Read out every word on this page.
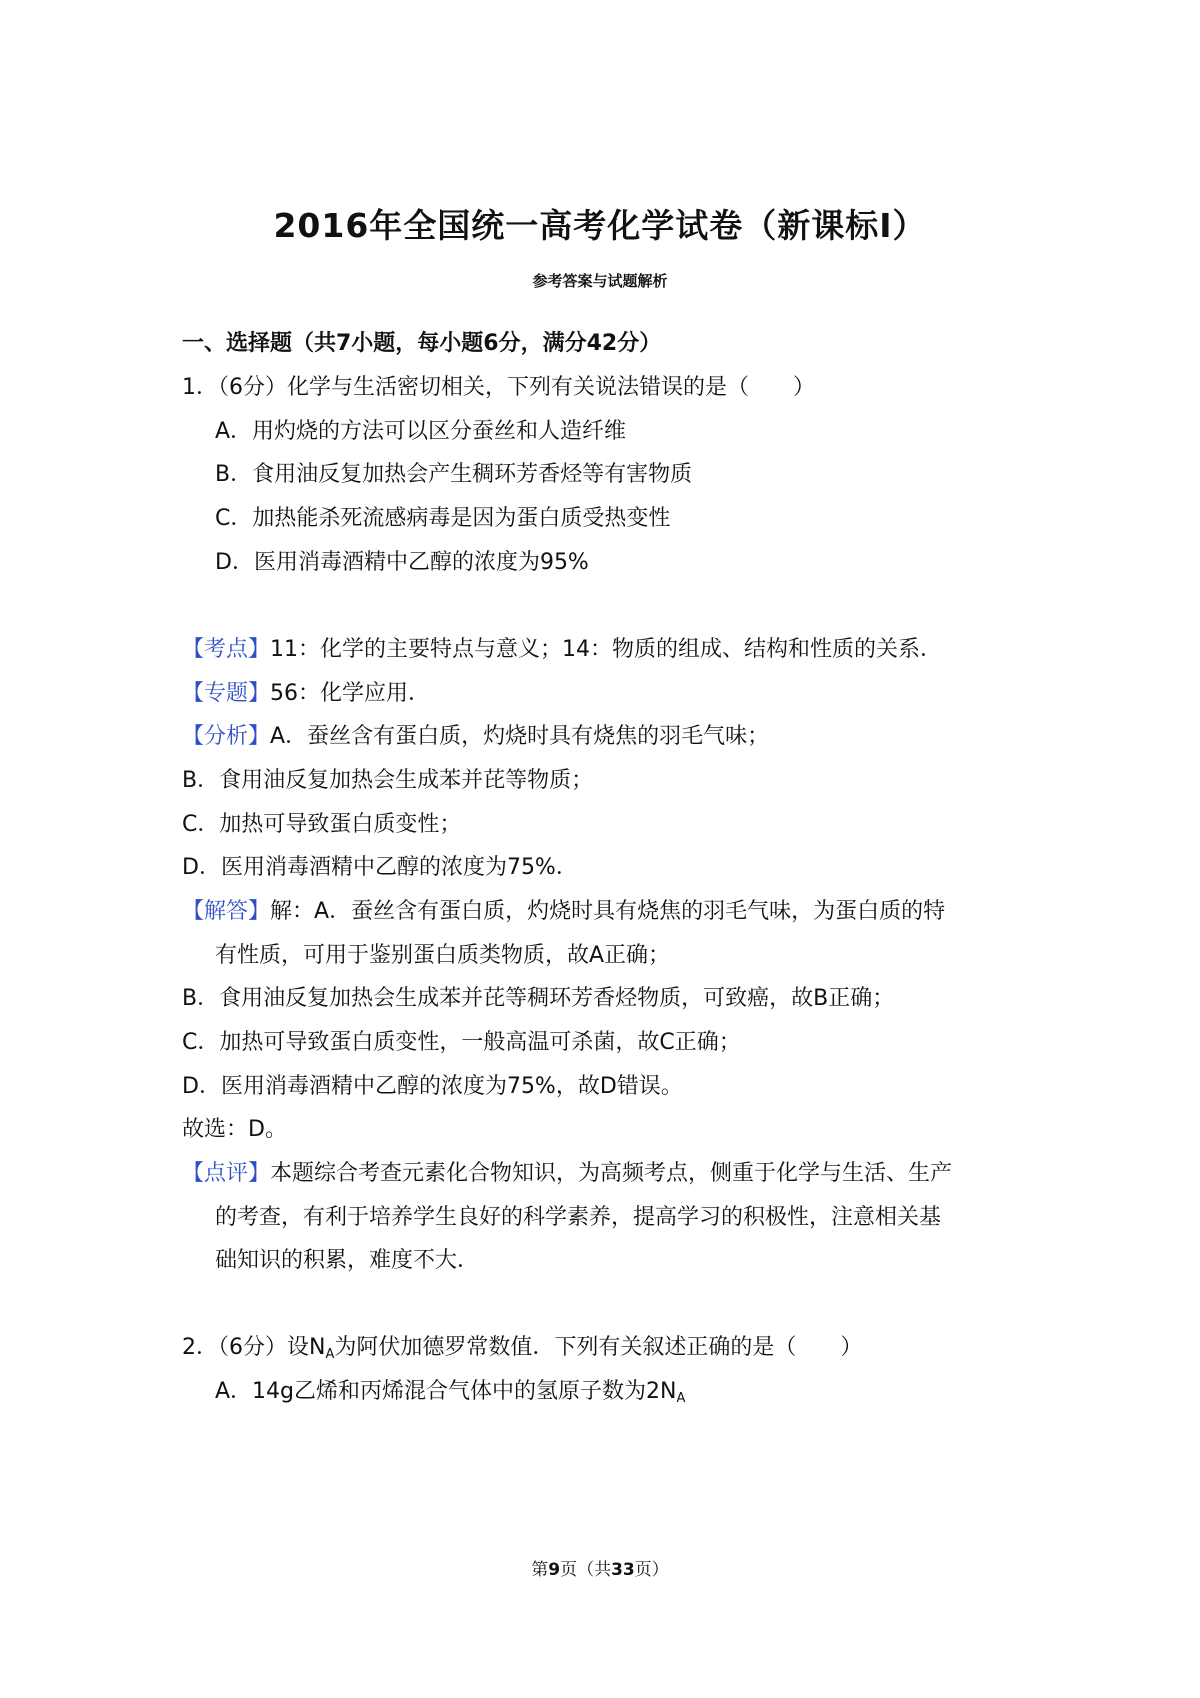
2016年全国统一高考化学试卷（新课标Ⅰ）
参考答案与试题解析
一、选择题（共7小题，每小题6分，满分42分）
1．（6分）化学与生活密切相关，下列有关说法错误的是（　　）
A．用灼烧的方法可以区分蚕丝和人造纤维
B．食用油反复加热会产生稠环芳香烃等有害物质
C．加热能杀死流感病毒是因为蛋白质受热变性
D．医用消毒酒精中乙醇的浓度为95%
【考点】11：化学的主要特点与意义；14：物质的组成、结构和性质的关系．
【专题】56：化学应用．
【分析】A．蚕丝含有蛋白质，灼烧时具有烧焦的羽毛气味；
B．食用油反复加热会生成苯并芘等物质；
C．加热可导致蛋白质变性；
D．医用消毒酒精中乙醇的浓度为75%．
【解答】解：A．蚕丝含有蛋白质，灼烧时具有烧焦的羽毛气味，为蛋白质的特
有性质，可用于鉴别蛋白质类物质，故A正确；
B．食用油反复加热会生成苯并芘等稠环芳香烃物质，可致癌，故B正确；
C．加热可导致蛋白质变性，一般高温可杀菌，故C正确；
D．医用消毒酒精中乙醇的浓度为75%，故D错误。
故选：D。
【点评】本题综合考查元素化合物知识，为高频考点，侧重于化学与生活、生产
的考查，有利于培养学生良好的科学素养，提高学习的积极性，注意相关基
础知识的积累，难度不大．
2．（6分）设$N_A$为阿伏加德罗常数值．下列有关叙述正确的是（　　）
A．14g乙烯和丙烯混合气体中的氢原子数为$2N_A$
第9页（共33页）
